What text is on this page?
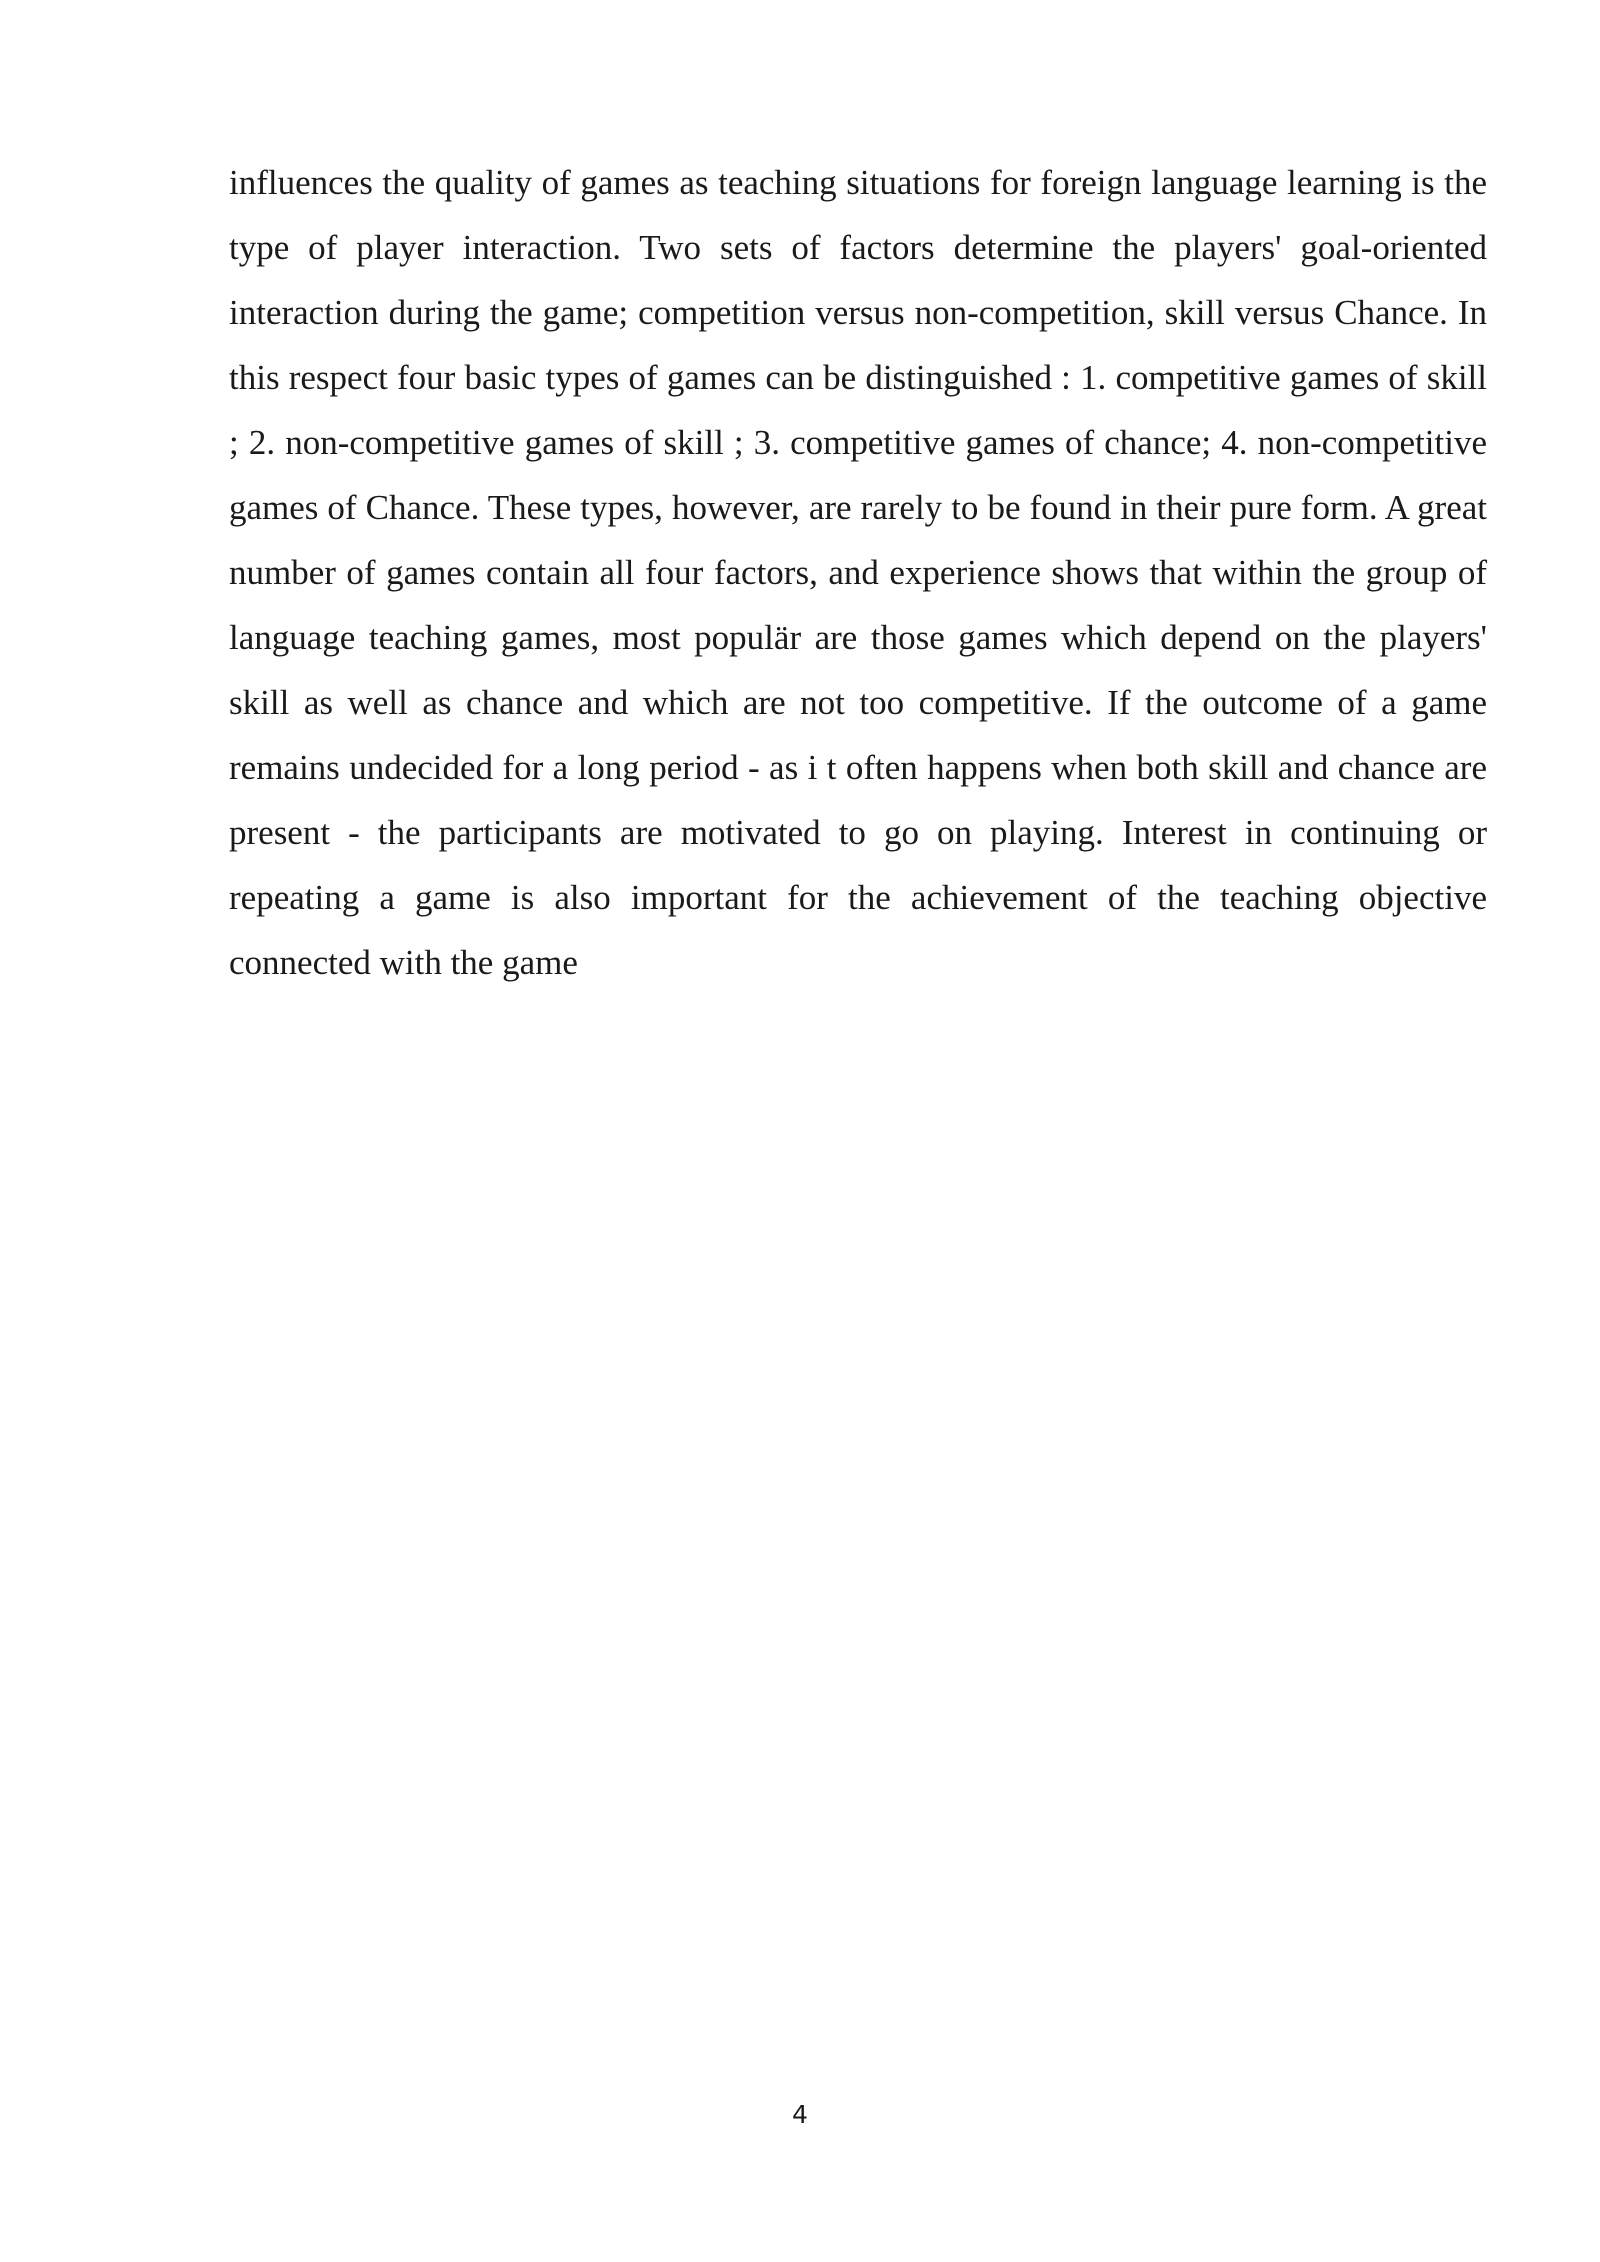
influences the quality of games as teaching situations for foreign language learning is the type of player interaction. Two sets of factors determine the players' goal-oriented interaction during the game; competition versus non-competition, skill versus Chance. In this respect four basic types of games can be distinguished : 1. competitive games of skill ; 2. non-competitive games of skill ; 3. competitive games of chance; 4. non-competitive games of Chance. These types, however, are rarely to be found in their pure form. A great number of games contain all four factors, and experience shows that within the group of language teaching games, most populär are those games which depend on the players' skill as well as chance and which are not too competitive. If the outcome of a game remains undecided for a long period - as i t often happens when both skill and chance are present - the participants are motivated to go on playing. Interest in continuing or repeating a game is also important for the achievement of the teaching objective connected with the game

4
